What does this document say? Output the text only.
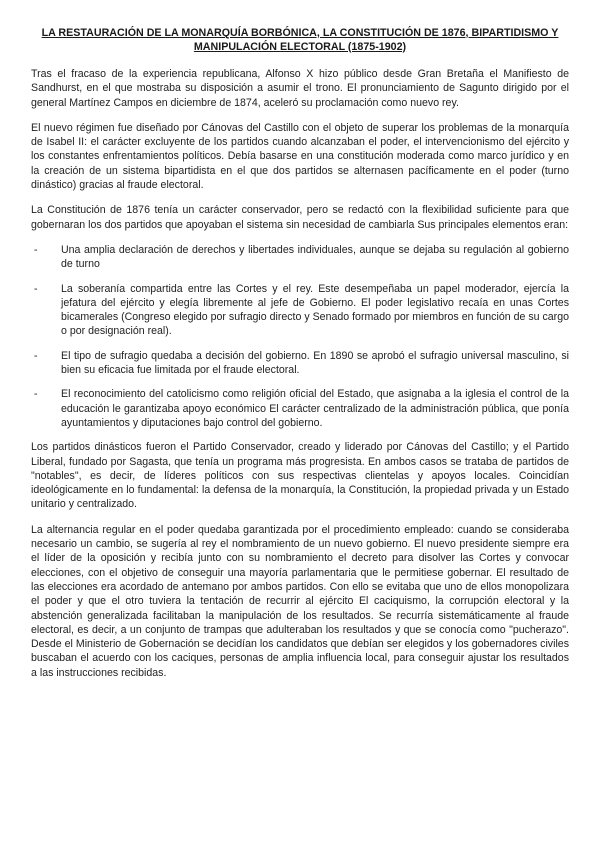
LA RESTAURACIÓN DE LA MONARQUÍA BORBÓNICA, LA CONSTITUCIÓN DE 1876, BIPARTIDISMO Y MANIPULACIÓN ELECTORAL (1875-1902)

Tras el fracaso de la experiencia republicana, Alfonso X hizo público desde Gran Bretaña el Manifiesto de Sandhurst, en el que mostraba su disposición a asumir el trono. El pronunciamiento de Sagunto dirigido por el general Martínez Campos en diciembre de 1874, aceleró su proclamación como nuevo rey.

El nuevo régimen fue diseñado por Cánovas del Castillo con el objeto de superar los problemas de la monarquía de Isabel II: el carácter excluyente de los partidos cuando alcanzaban el poder, el intervencionismo del ejército y los constantes enfrentamientos políticos. Debía basarse en una constitución moderada como marco jurídico y en la creación de un sistema bipartidista en el que dos partidos se alternasen pacíficamente en el poder (turno dinástico) gracias al fraude electoral.

La Constitución de 1876 tenía un carácter conservador, pero se redactó con la flexibilidad suficiente para que gobernaran los dos partidos que apoyaban el sistema sin necesidad de cambiarla Sus principales elementos eran:

- Una amplia declaración de derechos y libertades individuales, aunque se dejaba su regulación al gobierno de turno
- La soberanía compartida entre las Cortes y el rey. Este desempeñaba un papel moderador, ejercía la jefatura del ejército y elegía libremente al jefe de Gobierno. El poder legislativo recaía en unas Cortes bicamerales (Congreso elegido por sufragio directo y Senado formado por miembros en función de su cargo o por designación real).
- El tipo de sufragio quedaba a decisión del gobierno. En 1890 se aprobó el sufragio universal masculino, si bien su eficacia fue limitada por el fraude electoral.
- El reconocimiento del catolicismo como religión oficial del Estado, que asignaba a la iglesia el control de la educación le garantizaba apoyo económico El carácter centralizado de la administración pública, que ponía ayuntamientos y diputaciones bajo control del gobierno.

Los partidos dinásticos fueron el Partido Conservador, creado y liderado por Cánovas del Castillo; y el Partido Liberal, fundado por Sagasta, que tenía un programa más progresista. En ambos casos se trataba de partidos de "notables", es decir, de líderes políticos con sus respectivas clientelas y apoyos locales. Coincidían ideológicamente en lo fundamental: la defensa de la monarquía, la Constitución, la propiedad privada y un Estado unitario y centralizado.

La alternancia regular en el poder quedaba garantizada por el procedimiento empleado: cuando se consideraba necesario un cambio, se sugería al rey el nombramiento de un nuevo gobierno. El nuevo presidente siempre era el líder de la oposición y recibía junto con su nombramiento el decreto para disolver las Cortes y convocar elecciones, con el objetivo de conseguir una mayoría parlamentaria que le permitiese gobernar. El resultado de las elecciones era acordado de antemano por ambos partidos. Con ello se evitaba que uno de ellos monopolizara el poder y que el otro tuviera la tentación de recurrir al ejército El caciquismo, la corrupción electoral y la abstención generalizada facilitaban la manipulación de los resultados. Se recurría sistemáticamente al fraude electoral, es decir, a un conjunto de trampas que adulteraban los resultados y que se conocía como "pucherazo". Desde el Ministerio de Gobernación se decidían los candidatos que debían ser elegidos y los gobernadores civiles buscaban el acuerdo con los caciques, personas de amplia influencia local, para conseguir ajustar los resultados a las instrucciones recibidas.
